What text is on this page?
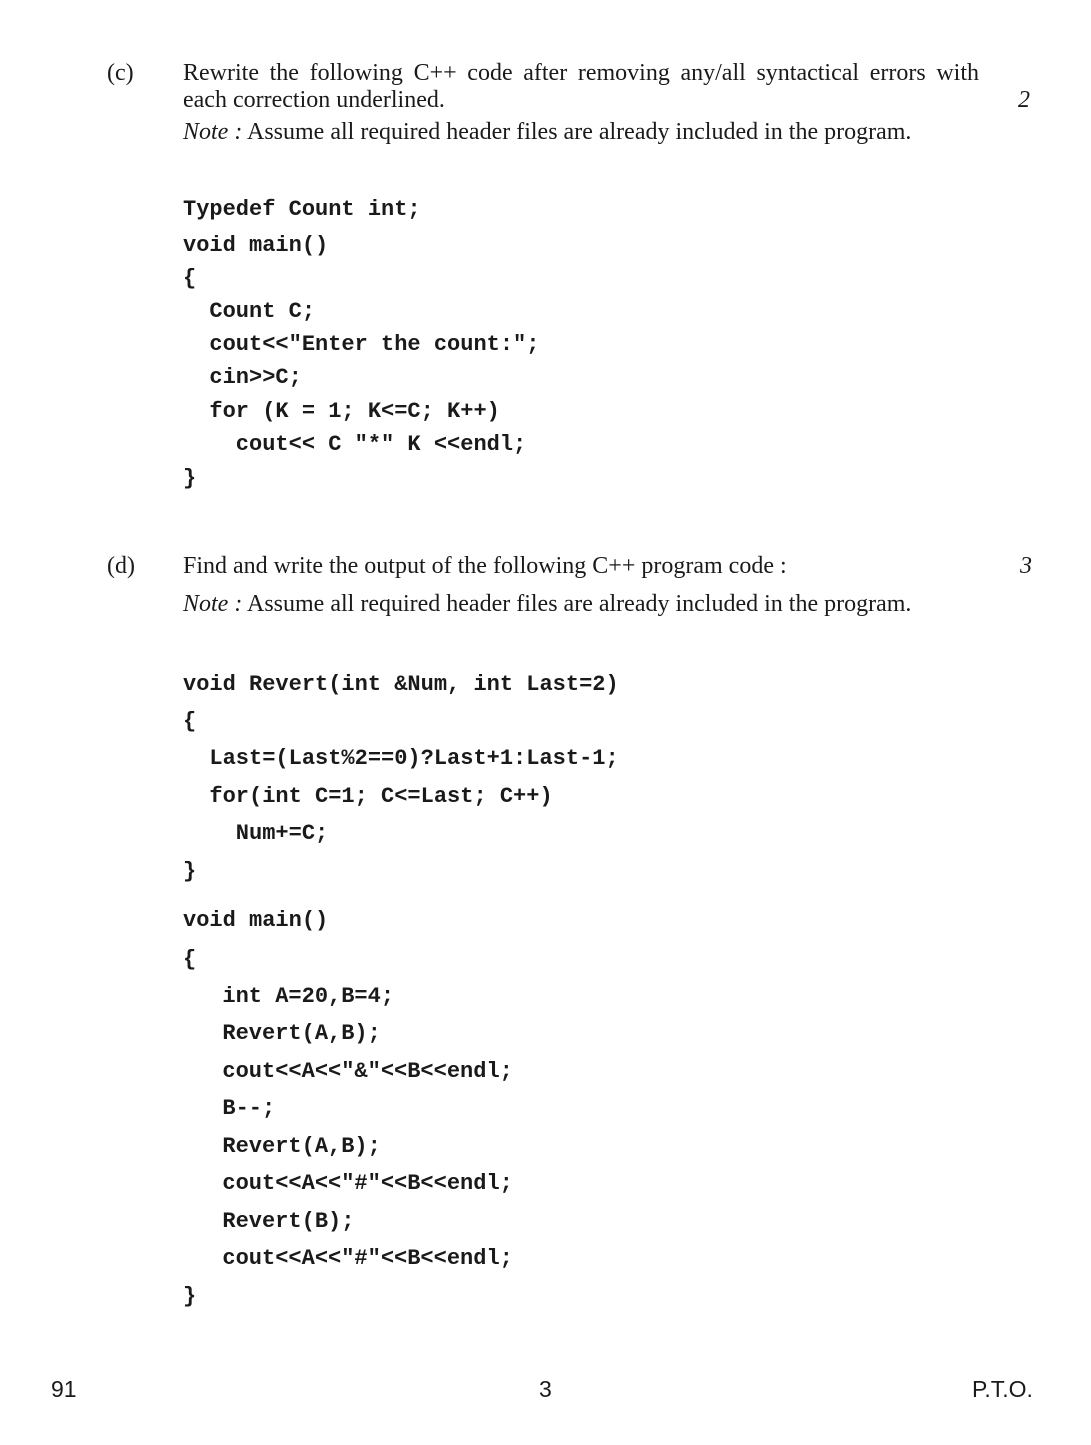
(c) Rewrite the following C++ code after removing any/all syntactical errors with each correction underlined.	2
Note : Assume all required header files are already included in the program.
Typedef Count int;
void main()
{
Count C;
cout<<"Enter the count:";
cin>>C;
for (K = 1; K<=C; K++)
cout<< C "*" K <<endl;
}
(d) Find and write the output of the following C++ program code :	3
Note : Assume all required header files are already included in the program.
void Revert(int &Num, int Last=2)
{
Last=(Last%2==0)?Last+1:Last-1;
for(int C=1; C<=Last; C++)
Num+=C;
}
void main()
{
int A=20,B=4;
Revert(A,B);
cout<<A<<"&"<<B<<endl;
B--;
Revert(A,B);
cout<<A<<"#"<<B<<endl;
Revert(B);
cout<<A<<"#"<<B<<endl;
}
91	3	P.T.O.
